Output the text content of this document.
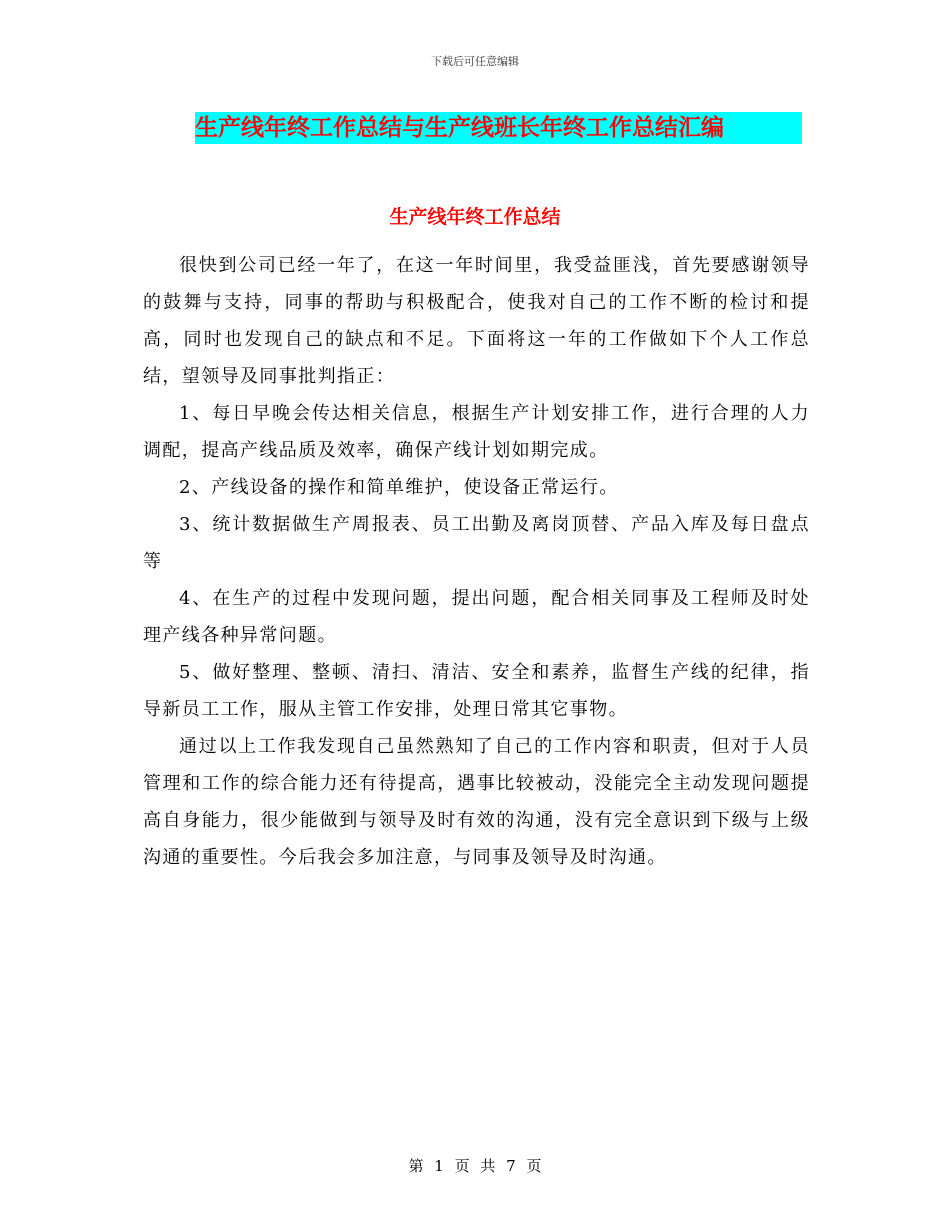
下载后可任意编辑
生产线年终工作总结与生产线班长年终工作总结汇编
生产线年终工作总结

很快到公司已经一年了，在这一年时间里，我受益匪浅，首先要感谢领导的鼓舞与支持，同事的帮助与积极配合，使我对自己的工作不断的检讨和提高，同时也发现自己的缺点和不足。下面将这一年的工作做如下个人工作总结，望领导及同事批判指正：

1、每日早晚会传达相关信息，根据生产计划安排工作，进行合理的人力调配，提高产线品质及效率，确保产线计划如期完成。

2、产线设备的操作和简单维护，使设备正常运行。

3、统计数据做生产周报表、员工出勤及离岗顶替、产品入库及每日盘点等

4、在生产的过程中发现问题，提出问题，配合相关同事及工程师及时处理产线各种异常问题。

5、做好整理、整顿、清扫、清洁、安全和素养，监督生产线的纪律，指导新员工工作，服从主管工作安排，处理日常其它事物。

通过以上工作我发现自己虽然熟知了自己的工作内容和职责，但对于人员管理和工作的综合能力还有待提高，遇事比较被动，没能完全主动发现问题提高自身能力，很少能做到与领导及时有效的沟通，没有完全意识到下级与上级沟通的重要性。今后我会多加注意，与同事及领导及时沟通。

第 1 页 共 7 页
